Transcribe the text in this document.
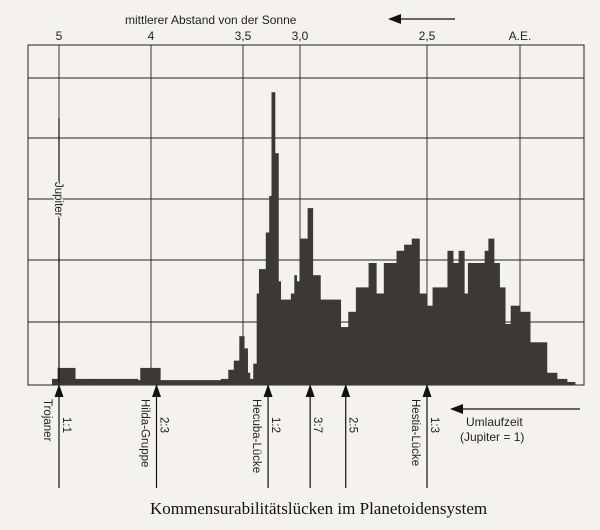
mittlerer Abstand von der Sonne
5	4	3,5	3,0	2,5	A.E.
Jupiter
1:1
Trojaner	2:3
Hilda-Gruppe	1:2
Hecuba-Lücke	3:7 2:5	1:3
Hestia-Lücke	Umlaufzeit
(Jupiter = 1)
Kommensurabilitätslücken im Planetoidensystem
